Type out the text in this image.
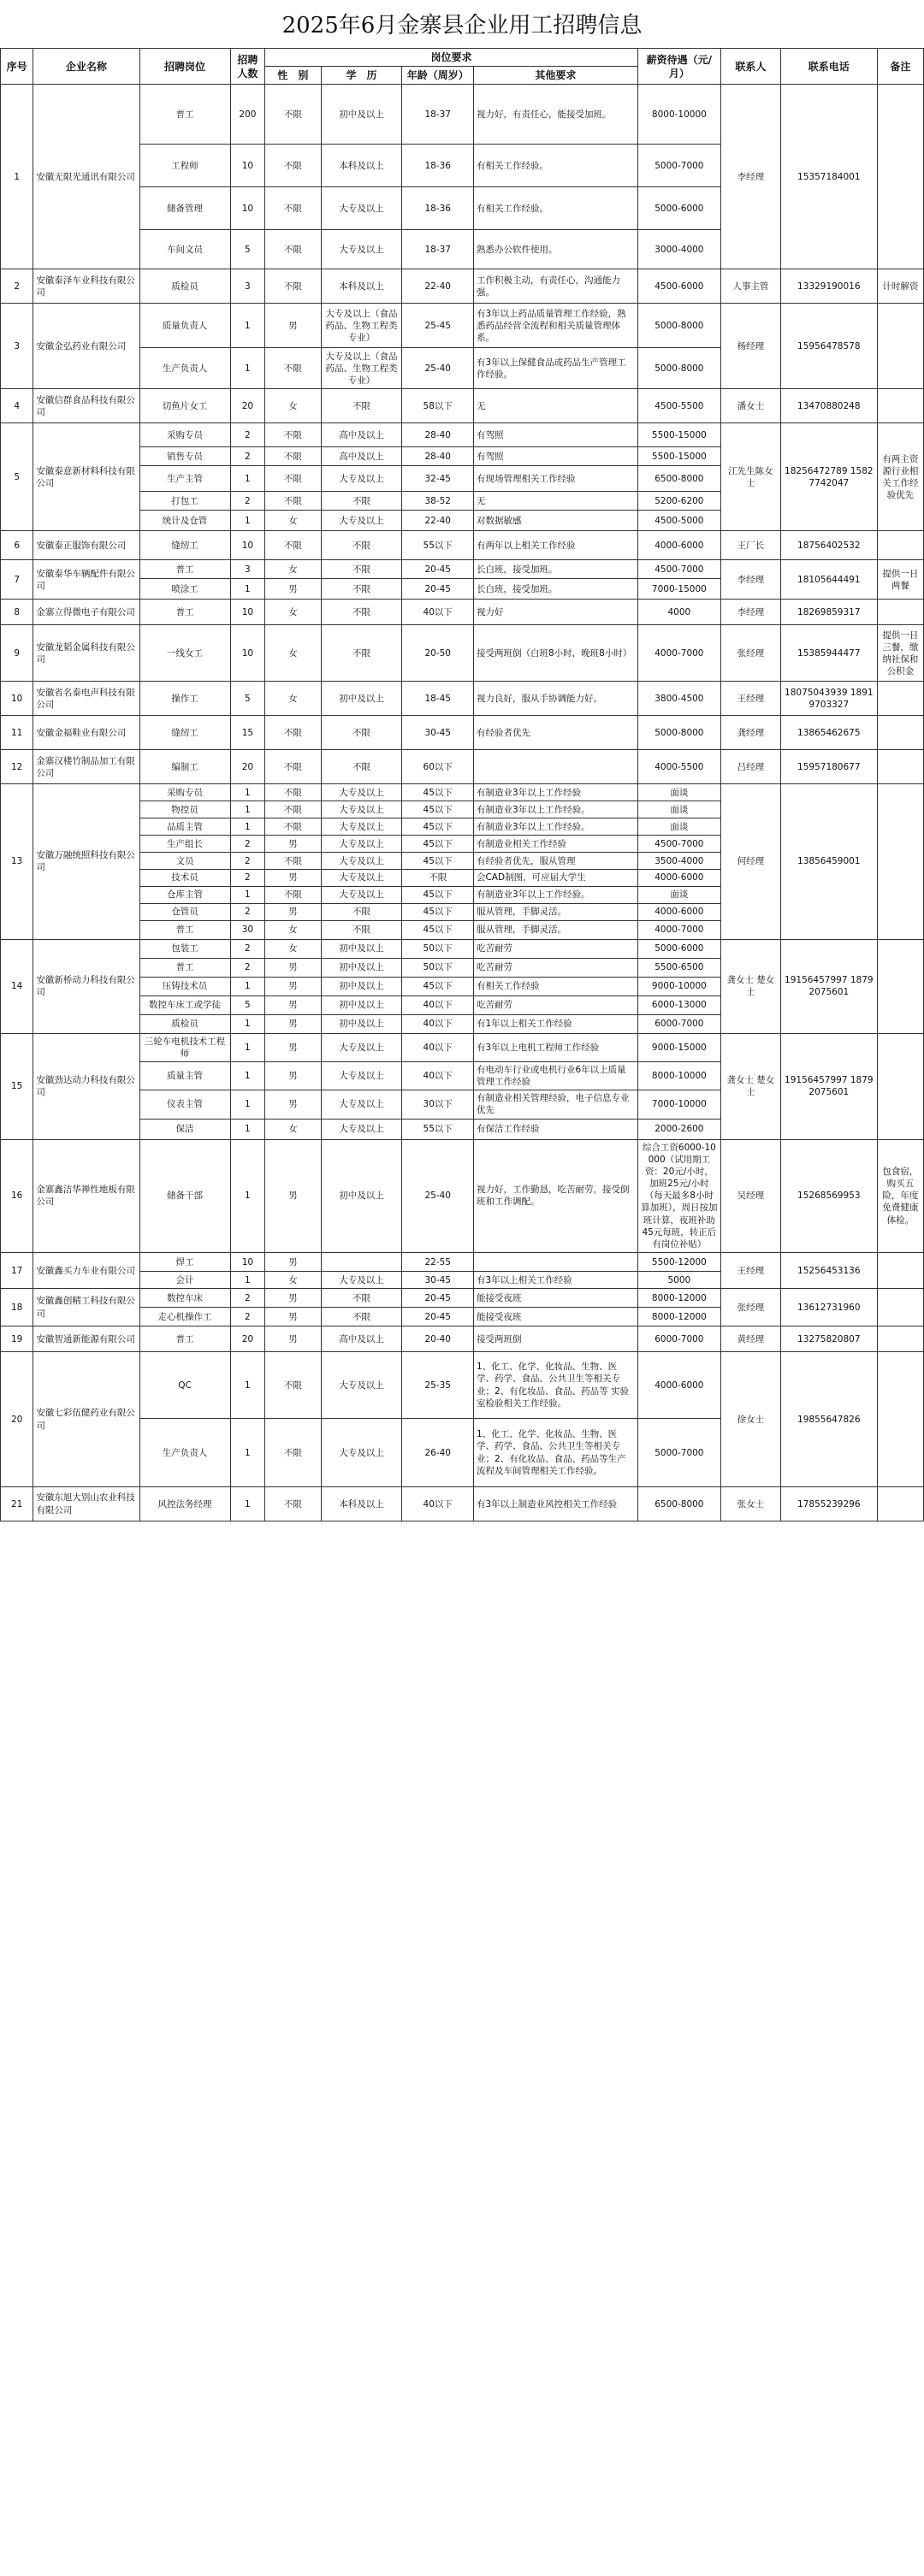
2025年6月金寨县企业用工招聘信息
序号	企业名称	招聘岗位	招聘人数	岗位要求				薪资待遇（元/月）	联系人	联系电话	备注
				性　别	学　历	年龄（周岁）	其他要求				
1	安徽无限光通讯有限公司	普工	200	不限	初中及以上	18-37	视力好，有责任心，能接受加班。	8000-10000	李经理	15357184001	
		工程师	10	不限	本科及以上	18-36	有相关工作经验。	5000-7000			
		储备管理	10	不限	大专及以上	18-36	有相关工作经验。	5000-6000			
		车间文员	5	不限	大专及以上	18-37	熟悉办公软件使用。	3000-4000			
2	安徽泰泽车业科技有限公司	质检员	3	不限	本科及以上	22-40	工作积极主动，有责任心，沟通能力强。	4500-6000	人事主管	13329190016	计时解资
3	安徽金弘药业有限公司	质量负责人	1	男	大专及以上（食品药品、生物工程类专业）	25-45	有3年以上药品质量管理工作经验，熟悉药品经营全流程和相关质量管理体系。	5000-8000	杨经理	15956478578	
		生产负责人	1	不限	大专及以上（食品药品、生物工程类专业）	25-40	有3年以上保健食品或药品生产管理工作经验。	5000-8000			
4	安徽信群食品科技有限公司	切鱼片女工	20	女	不限	58以下	无	4500-5500	潘女士	13470880248	
5	安徽泰意新材料科技有限公司	采购专员	2	不限	高中及以上	28-40	有驾照	5500-15000	江先生陈女士	18256472789 15827742047	有两主资源行业相关工作经验优先
		销售专员	2	不限	高中及以上	28-40	有驾照	5500-15000			
		生产主管	1	不限	大专及以上	32-45	有现场管理相关工作经验	6500-8000			
		打包工	2	不限	不限	38-52	无	5200-6200			
		统计及仓管	1	女	大专及以上	22-40	对数据敏感	4500-5000			
6	安徽泰正服饰有限公司	缝纫工	10	不限	不限	55以下	有两年以上相关工作经验	4000-6000	王厂长	18756402532	
7	安徽泰华车辆配件有限公司	普工	3	女	不限	20-45	长白班，接受加班。	4500-7000	李经理	18105644491	提供一日两餐
		喷涂工	1	男	不限	20-45	长白班，接受加班。	7000-15000			
8	金寨立得微电子有限公司	普工	10	女	不限	40以下	视力好	4000	李经理	18269859317	
9	安徽龙韬金属科技有限公司	一线女工	10	女	不限	20-50	接受两班倒（白班8小时，晚班8小时）	4000-7000	张经理	15385944477	提供一日三餐，缴纳社保和公积金
10	安徽省名泰电声科技有限公司	操作工	5	女	初中及以上	18-45	视力良好，服从手协调能力好。	3800-4500	王经理	18075043939 18919703327	
11	安徽金福鞋业有限公司	缝纫工	15	不限	不限	30-45	有经验者优先	5000-8000	龚经理	13865462675	
12	金寨汉楼竹制品加工有限公司	编制工	20	不限	不限	60以下		4000-5500	吕经理	15957180677	
13	安徽万融统照科技有限公司	采购专员	1	不限	大专及以上	45以下	有制造业3年以上工作经验	面谈	何经理	13856459001	
		物控员	1	不限	大专及以上	45以下	有制造业3年以上工作经验。	面谈			
		品质主管	1	不限	大专及以上	45以下	有制造业3年以上工作经验。	面谈			
		生产组长	2	男	大专及以上	45以下	有制造业相关工作经验	4500-7000			
		文员	2	不限	大专及以上	45以下	有经验者优先，服从管理	3500-4000			
		技术员	2	男	大专及以上	不限	会CAD制图，可应届大学生	4000-6000			
		仓库主管	1	不限	大专及以上	45以下	有制造业3年以上工作经验。	面谈			
		仓管员	2	男	不限	45以下	服从管理，手脚灵活。	4000-6000			
		普工	30	女	不限	45以下	服从管理，手脚灵活。	4000-7000			
14	安徽新桥动力科技有限公司	包装工	2	女	初中及以上	50以下	吃苦耐劳	5000-6000	龚女士 楚女士	19156457997 18792075601	
		普工	2	男	初中及以上	50以下	吃苦耐劳	5500-6500			
		压铸技术员	1	男	初中及以上	45以下	有相关工作经验	9000-10000			
		数控车床工或学徒	5	男	初中及以上	40以下	吃苦耐劳	6000-13000			
		质检员	1	男	初中及以上	40以下	有1年以上相关工作经验	6000-7000			
15	安徽劲达动力科技有限公司	三轮车电机技术工程师	1	男	大专及以上	40以下	有3年以上电机工程师工作经验	9000-15000	龚女士 楚女士	19156457997 18792075601	
		质量主管	1	男	大专及以上	40以下	有电动车行业或电机行业6年以上质量管理工作经验	8000-10000			
		仪表主管	1	男	大专及以上	30以下	有制造业相关管理经验，电子信息专业优先	7000-10000			
		保洁	1	女	大专及以上	55以下	有保洁工作经验	2000-2600			
16	金寨鑫洁华禅性地板有限公司	储备干部	1	男	初中及以上	25-40	视力好，工作勤恳，吃苦耐劳，接受倒班和工作调配。	综合工资6000-10000（试用期工资：20元/小时，加班25元/小时（每天最多8小时算加班），周日按加班计算，夜班补助45元每班，转正后有岗位补贴）	吴经理	15268569953	包食宿，购买五险，年度免费健康体检。
17	安徽鑫买力车业有限公司	焊工	10	男		22-55		5500-12000	王经理	15256453136	
		会计	1	女	大专及以上	30-45	有3年以上相关工作经验	5000			
18	安徽鑫创精工科技有限公司	数控车床	2	男	不限	20-45	能接受夜班	8000-12000	张经理	13612731960	
		走心机操作工	2	男	不限	20-45	能接受夜班	8000-12000			
19	安徽智通新能源有限公司	普工	20	男	高中及以上	20-40	接受两班倒	6000-7000	黄经理	13275820807	
20	安徽七彩伍健药业有限公司	QC	1	不限	大专及以上	25-35	1、化工、化学、化妆品、生物、医学、药学、食品、公共卫生等相关专业；2、有化妆品、食品、药品等 实验室检验相关工作经验。	4000-6000	徐女士	19855647826	
		生产负责人	1	不限	大专及以上	26-40	1、化工、化学、化妆品、生物、医学、药学、食品、公共卫生等相关专业；2、有化妆品、食品、药品等生产流程及车间管理相关工作经验。	5000-7000			
21	安徽东旭大别山农业科技有限公司	风控法务经理	1	不限	本科及以上	40以下	有3年以上制造业风控相关工作经验	6500-8000	张女士	17855239296	
